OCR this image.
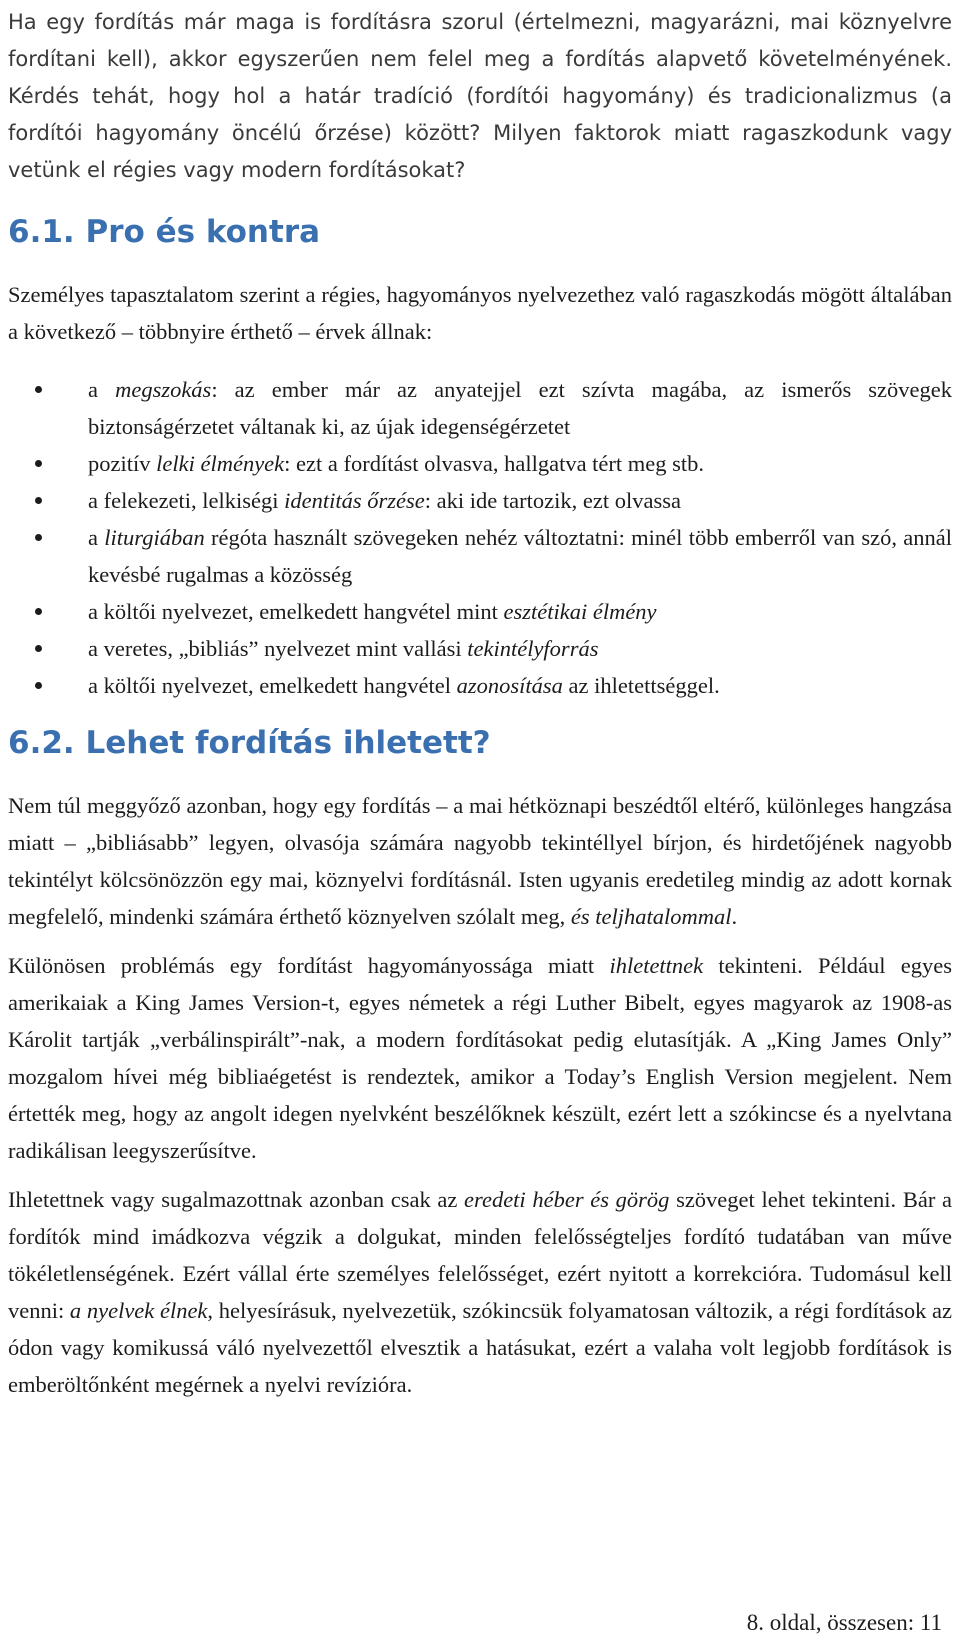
Ha egy fordítás már maga is fordításra szorul (értelmezni, magyarázni, mai köznyelvre fordítani kell), akkor egyszerűen nem felel meg a fordítás alapvető követelményének. Kérdés tehát, hogy hol a határ tradíció (fordítói hagyomány) és tradicionalizmus (a fordítói hagyomány öncélú őrzése) között? Milyen faktorok miatt ragaszkodunk vagy vetünk el régies vagy modern fordításokat?

6.1. Pro és kontra

Személyes tapasztalatom szerint a régies, hagyományos nyelvezethez való ragaszkodás mögött általában a következő – többnyire érthető – érvek állnak:

a megszokás: az ember már az anyatejjel ezt szívta magába, az ismerős szövegek biztonságérzetet váltanak ki, az újak idegenségérzetet
pozitív lelki élmények: ezt a fordítást olvasva, hallgatva tért meg stb.
a felekezeti, lelkiségi identitás őrzése: aki ide tartozik, ezt olvassa
a liturgiában régóta használt szövegeken nehéz változtatni: minél több emberről van szó, annál kevésbé rugalmas a közösség
a költői nyelvezet, emelkedett hangvétel mint esztétikai élmény
a veretes, „bibliás” nyelvezet mint vallási tekintélyforrás
a költői nyelvezet, emelkedett hangvétel azonosítása az ihletettséggel.
6.2. Lehet fordítás ihletett?

Nem túl meggyőző azonban, hogy egy fordítás – a mai hétköznapi beszédtől eltérő, különleges hangzása miatt – „bibliásabb” legyen, olvasója számára nagyobb tekintéllyel bírjon, és hirdetőjének nagyobb tekintélyt kölcsönözzön egy mai, köznyelvi fordításnál. Isten ugyanis eredetileg mindig az adott kornak megfelelő, mindenki számára érthető köznyelven szólalt meg, és teljhatalommal.

Különösen problémás egy fordítást hagyományossága miatt ihletettnek tekinteni. Például egyes amerikaiak a King James Version-t, egyes németek a régi Luther Bibelt, egyes magyarok az 1908-as Károlit tartják „verbálinspirált”-nak, a modern fordításokat pedig elutasítják. A „King James Only” mozgalom hívei még bibliaégetést is rendeztek, amikor a Today’s English Version megjelent. Nem értették meg, hogy az angolt idegen nyelvként beszélőknek készült, ezért lett a szókincse és a nyelvtana radikálisan leegyszerűsítve.

Ihletettnek vagy sugalmazottnak azonban csak az eredeti héber és görög szöveget lehet tekinteni. Bár a fordítók mind imádkozva végzik a dolgukat, minden felelősségteljes fordító tudatában van műve tökéletlenségének. Ezért vállal érte személyes felelősséget, ezért nyitott a korrekcióra. Tudomásul kell venni: a nyelvek élnek, helyesírásuk, nyelvezetük, szókincsük folyamatosan változik, a régi fordítások az ódon vagy komikussá váló nyelvezettől elvesztik a hatásukat, ezért a valaha volt legjobb fordítások is emberöltőnként megérnek a nyelvi revízióra.

8. oldal, összesen: 11
